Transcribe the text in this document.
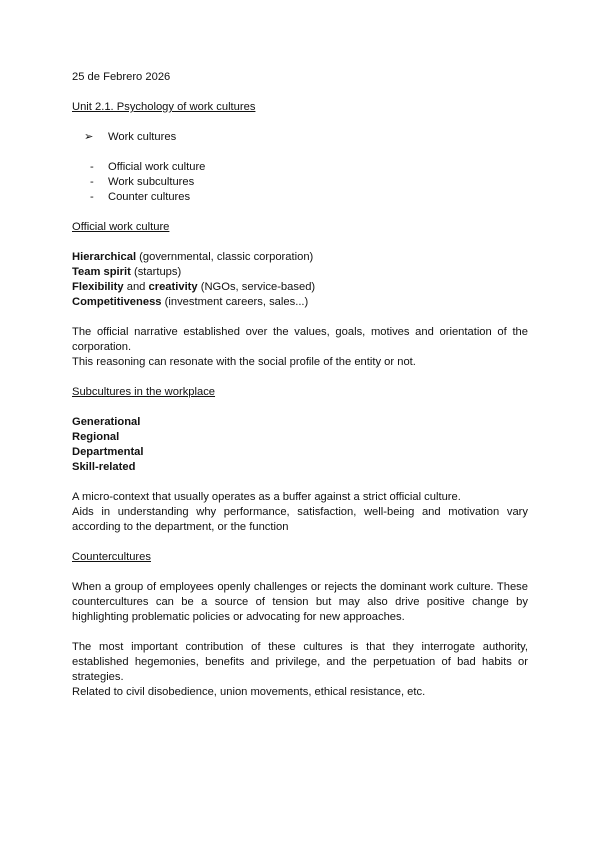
25 de Febrero 2026

Unit 2.1. Psychology of work cultures

➢ Work cultures
- Official work culture
- Work subcultures
- Counter cultures

Official work culture

Hierarchical (governmental, classic corporation)

Team spirit (startups)

Flexibility and creativity (NGOs, service-based)

Competitiveness (investment careers, sales...)

The official narrative established over the values, goals, motives and orientation of the corporation.

This reasoning can resonate with the social profile of the entity or not.

Subcultures in the workplace

Generational

Regional

Departmental

Skill-related

A micro-context that usually operates as a buffer against a strict official culture.

Aids in understanding why performance, satisfaction, well-being and motivation vary according to the department, or the function

Countercultures

When a group of employees openly challenges or rejects the dominant work culture. These countercultures can be a source of tension but may also drive positive change by highlighting problematic policies or advocating for new approaches.

The most important contribution of these cultures is that they interrogate authority, established hegemonies, benefits and privilege, and the perpetuation of bad habits or strategies.

Related to civil disobedience, union movements, ethical resistance, etc.
